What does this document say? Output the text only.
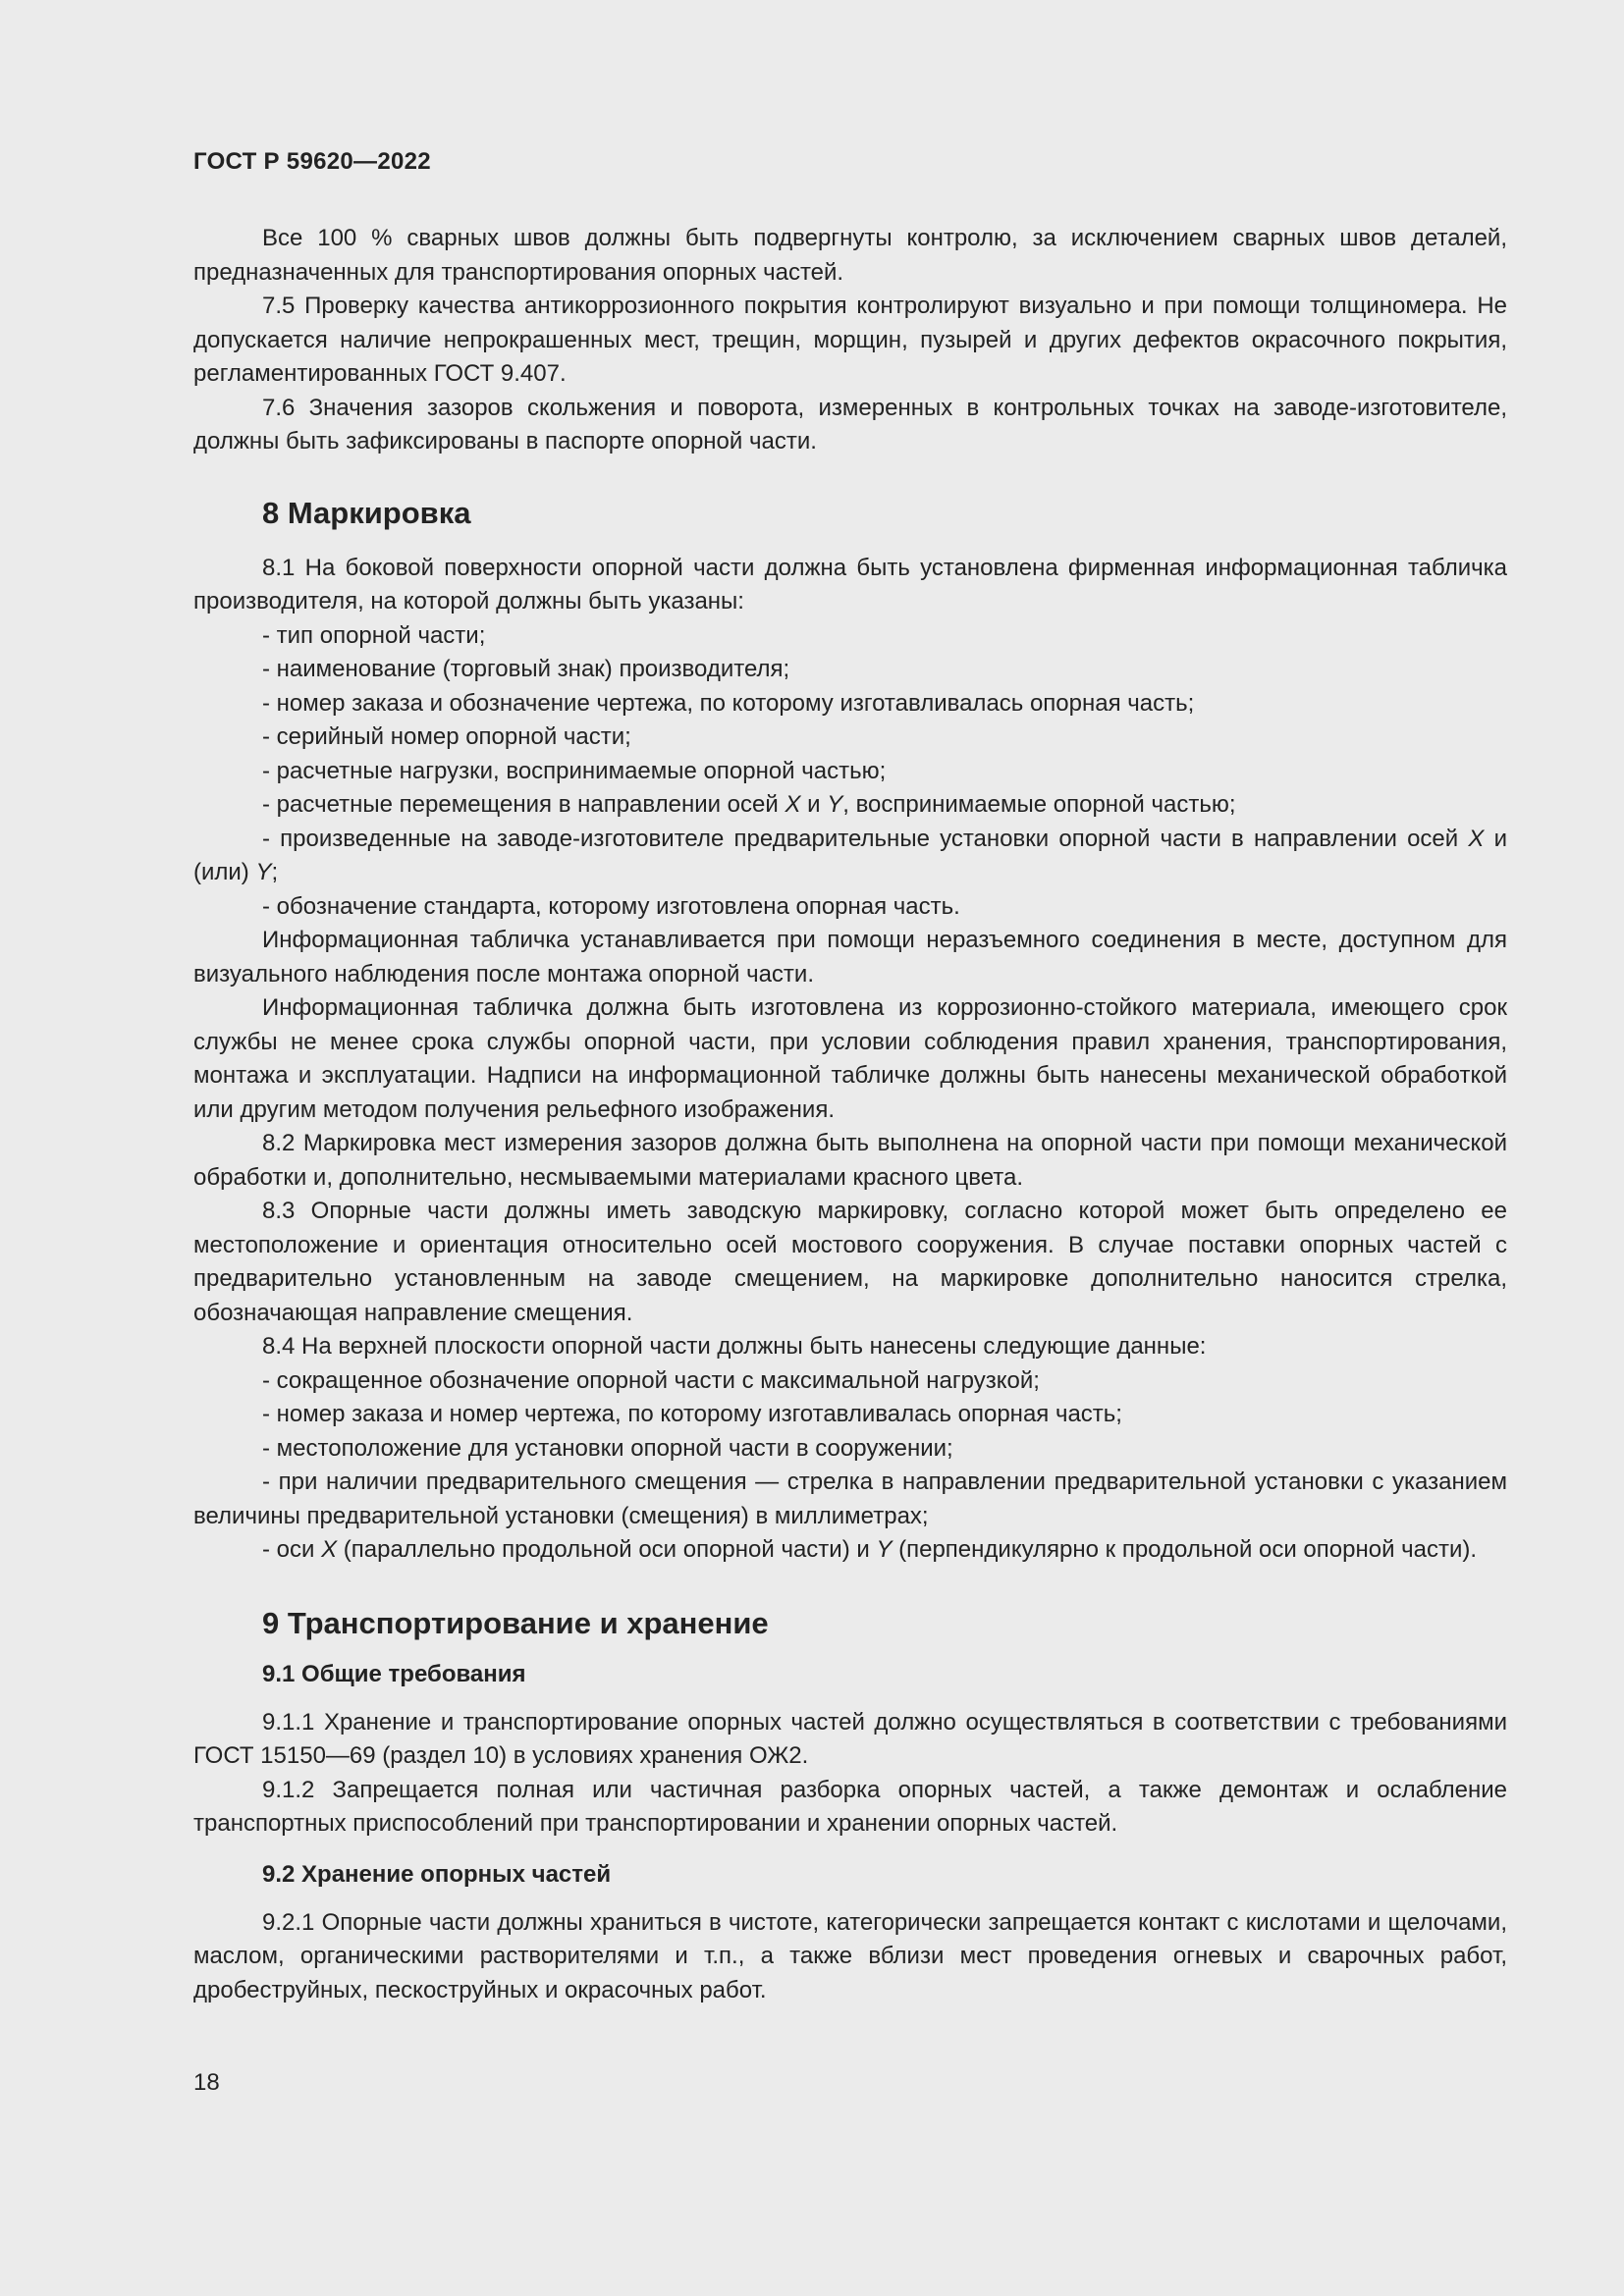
ГОСТ Р 59620—2022

Все 100 % сварных швов должны быть подвергнуты контролю, за исключением сварных швов деталей, предназначенных для транспортирования опорных частей.

7.5 Проверку качества антикоррозионного покрытия контролируют визуально и при помощи толщиномера. Не допускается наличие непрокрашенных мест, трещин, морщин, пузырей и других дефектов окрасочного покрытия, регламентированных ГОСТ 9.407.

7.6 Значения зазоров скольжения и поворота, измеренных в контрольных точках на заводе-изготовителе, должны быть зафиксированы в паспорте опорной части.

8 Маркировка

8.1 На боковой поверхности опорной части должна быть установлена фирменная информационная табличка производителя, на которой должны быть указаны:

- тип опорной части;

- наименование (торговый знак) производителя;

- номер заказа и обозначение чертежа, по которому изготавливалась опорная часть;

- серийный номер опорной части;

- расчетные нагрузки, воспринимаемые опорной частью;

- расчетные перемещения в направлении осей X и Y, воспринимаемые опорной частью;

- произведенные на заводе-изготовителе предварительные установки опорной части в направлении осей X и (или) Y;

- обозначение стандарта, которому изготовлена опорная часть.

Информационная табличка устанавливается при помощи неразъемного соединения в месте, доступном для визуального наблюдения после монтажа опорной части.

Информационная табличка должна быть изготовлена из коррозионно-стойкого материала, имеющего срок службы не менее срока службы опорной части, при условии соблюдения правил хранения, транспортирования, монтажа и эксплуатации. Надписи на информационной табличке должны быть нанесены механической обработкой или другим методом получения рельефного изображения.

8.2 Маркировка мест измерения зазоров должна быть выполнена на опорной части при помощи механической обработки и, дополнительно, несмываемыми материалами красного цвета.

8.3 Опорные части должны иметь заводскую маркировку, согласно которой может быть определено ее местоположение и ориентация относительно осей мостового сооружения. В случае поставки опорных частей с предварительно установленным на заводе смещением, на маркировке дополнительно наносится стрелка, обозначающая направление смещения.

8.4 На верхней плоскости опорной части должны быть нанесены следующие данные:

- сокращенное обозначение опорной части с максимальной нагрузкой;

- номер заказа и номер чертежа, по которому изготавливалась опорная часть;

- местоположение для установки опорной части в сооружении;

- при наличии предварительного смещения — стрелка в направлении предварительной установки с указанием величины предварительной установки (смещения) в миллиметрах;

- оси X (параллельно продольной оси опорной части) и Y (перпендикулярно к продольной оси опорной части).

9 Транспортирование и хранение
9.1 Общие требования

9.1.1 Хранение и транспортирование опорных частей должно осуществляться в соответствии с требованиями ГОСТ 15150—69 (раздел 10) в условиях хранения ОЖ2.

9.1.2 Запрещается полная или частичная разборка опорных частей, а также демонтаж и ослабление транспортных приспособлений при транспортировании и хранении опорных частей.

9.2 Хранение опорных частей

9.2.1 Опорные части должны храниться в чистоте, категорически запрещается контакт с кислотами и щелочами, маслом, органическими растворителями и т.п., а также вблизи мест проведения огневых и сварочных работ, дробеструйных, пескоструйных и окрасочных работ.

18
